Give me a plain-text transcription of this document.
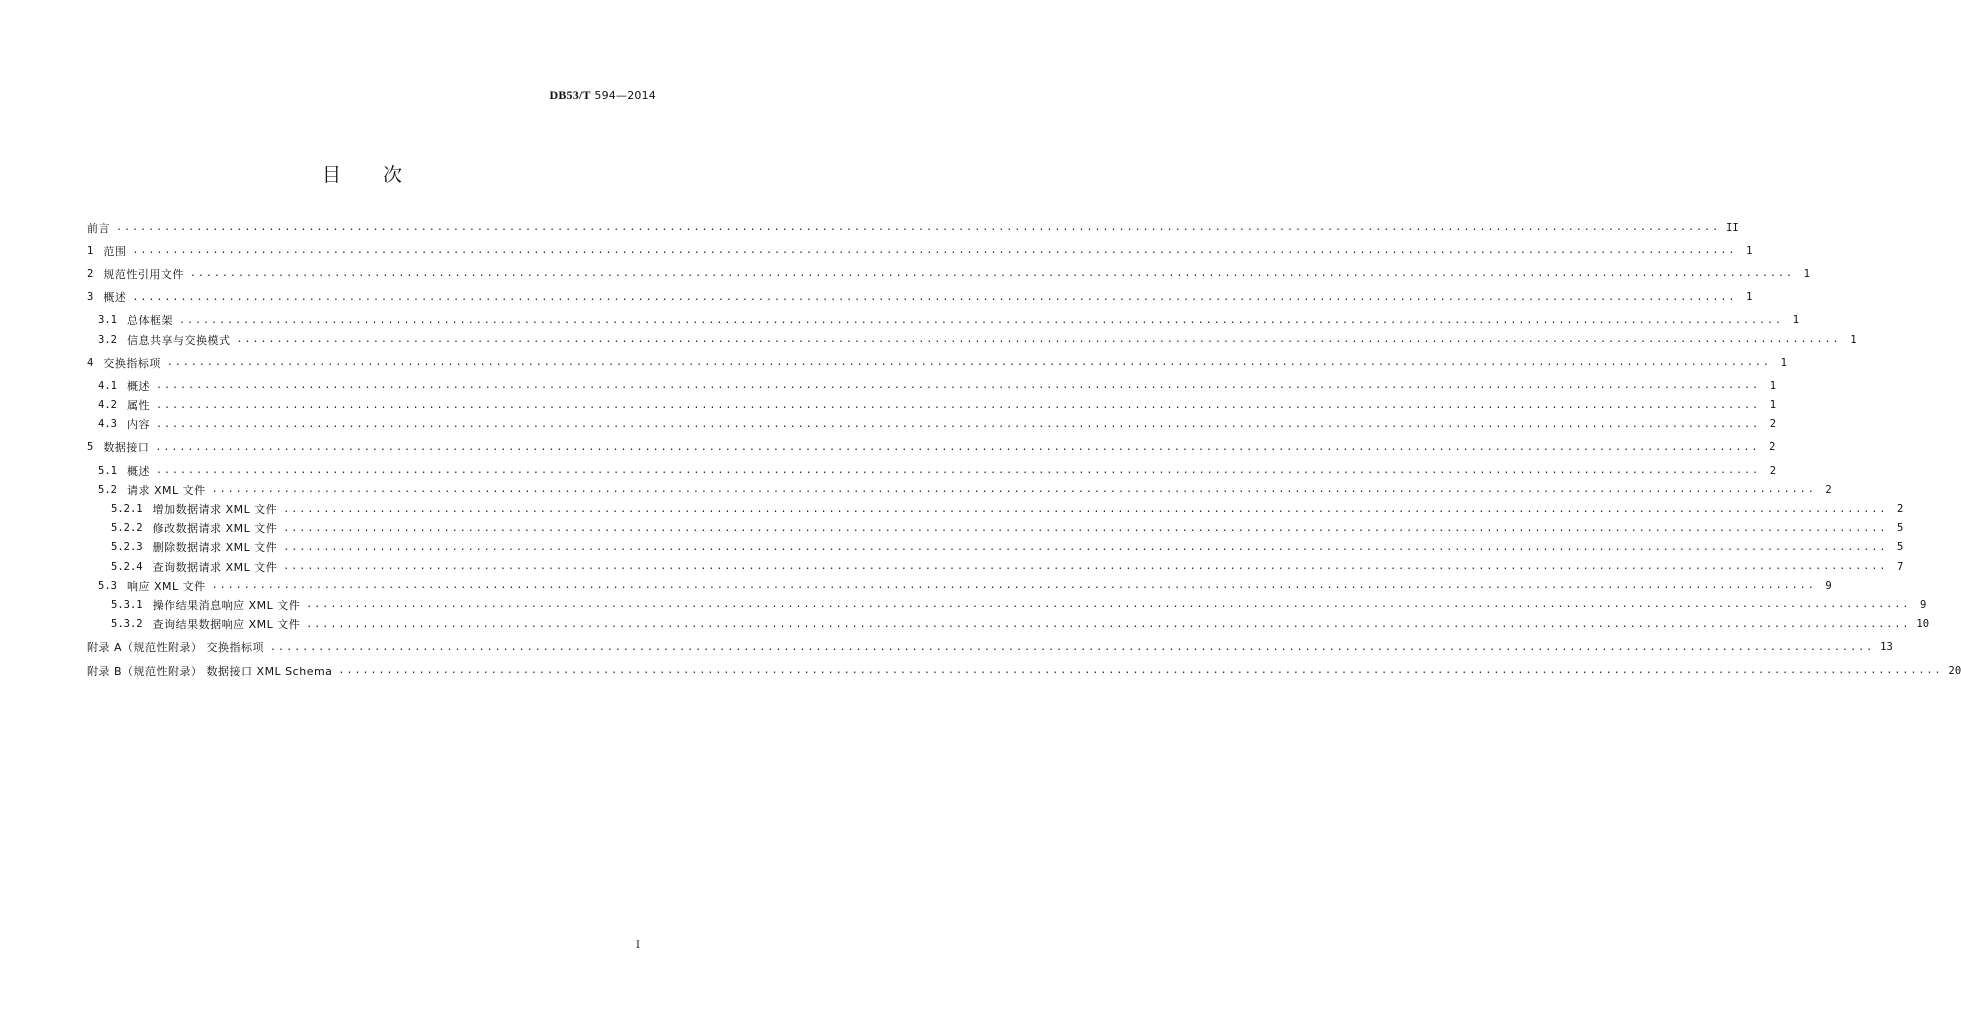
DB53/T 594—2014
目 次
前言 ........................................................................................................................................................................................................ II
1 范围 ........................................................................................................................................................................................................ 1
2 规范性引用文件 ........................................................................................................................................................................................................ 1
3 概述 ........................................................................................................................................................................................................ 1
3.1 总体框架 ........................................................................................................................................................................................................ 1
3.2 信息共享与交换模式 ........................................................................................................................................................................................................ 1
4 交换指标项 ........................................................................................................................................................................................................ 1
4.1 概述 ........................................................................................................................................................................................................ 1
4.2 属性 ........................................................................................................................................................................................................ 1
4.3 内容 ........................................................................................................................................................................................................ 2
5 数据接口 ........................................................................................................................................................................................................ 2
5.1 概述 ........................................................................................................................................................................................................ 2
5.2 请求 XML 文件 ........................................................................................................................................................................................................ 2
5.2.1 增加数据请求 XML 文件 ........................................................................................................................................................................................................ 2
5.2.2 修改数据请求 XML 文件 ........................................................................................................................................................................................................ 5
5.2.3 删除数据请求 XML 文件 ........................................................................................................................................................................................................ 5
5.2.4 查询数据请求 XML 文件 ........................................................................................................................................................................................................ 7
5.3 响应 XML 文件 ........................................................................................................................................................................................................ 9
5.3.1 操作结果消息响应 XML 文件 ........................................................................................................................................................................................................ 9
5.3.2 查询结果数据响应 XML 文件 ........................................................................................................................................................................................................ 10
附录 A（规范性附录） 交换指标项 ........................................................................................................................................................................................................ 13
附录 B（规范性附录） 数据接口 XML Schema ........................................................................................................................................................................................................ 20
I
